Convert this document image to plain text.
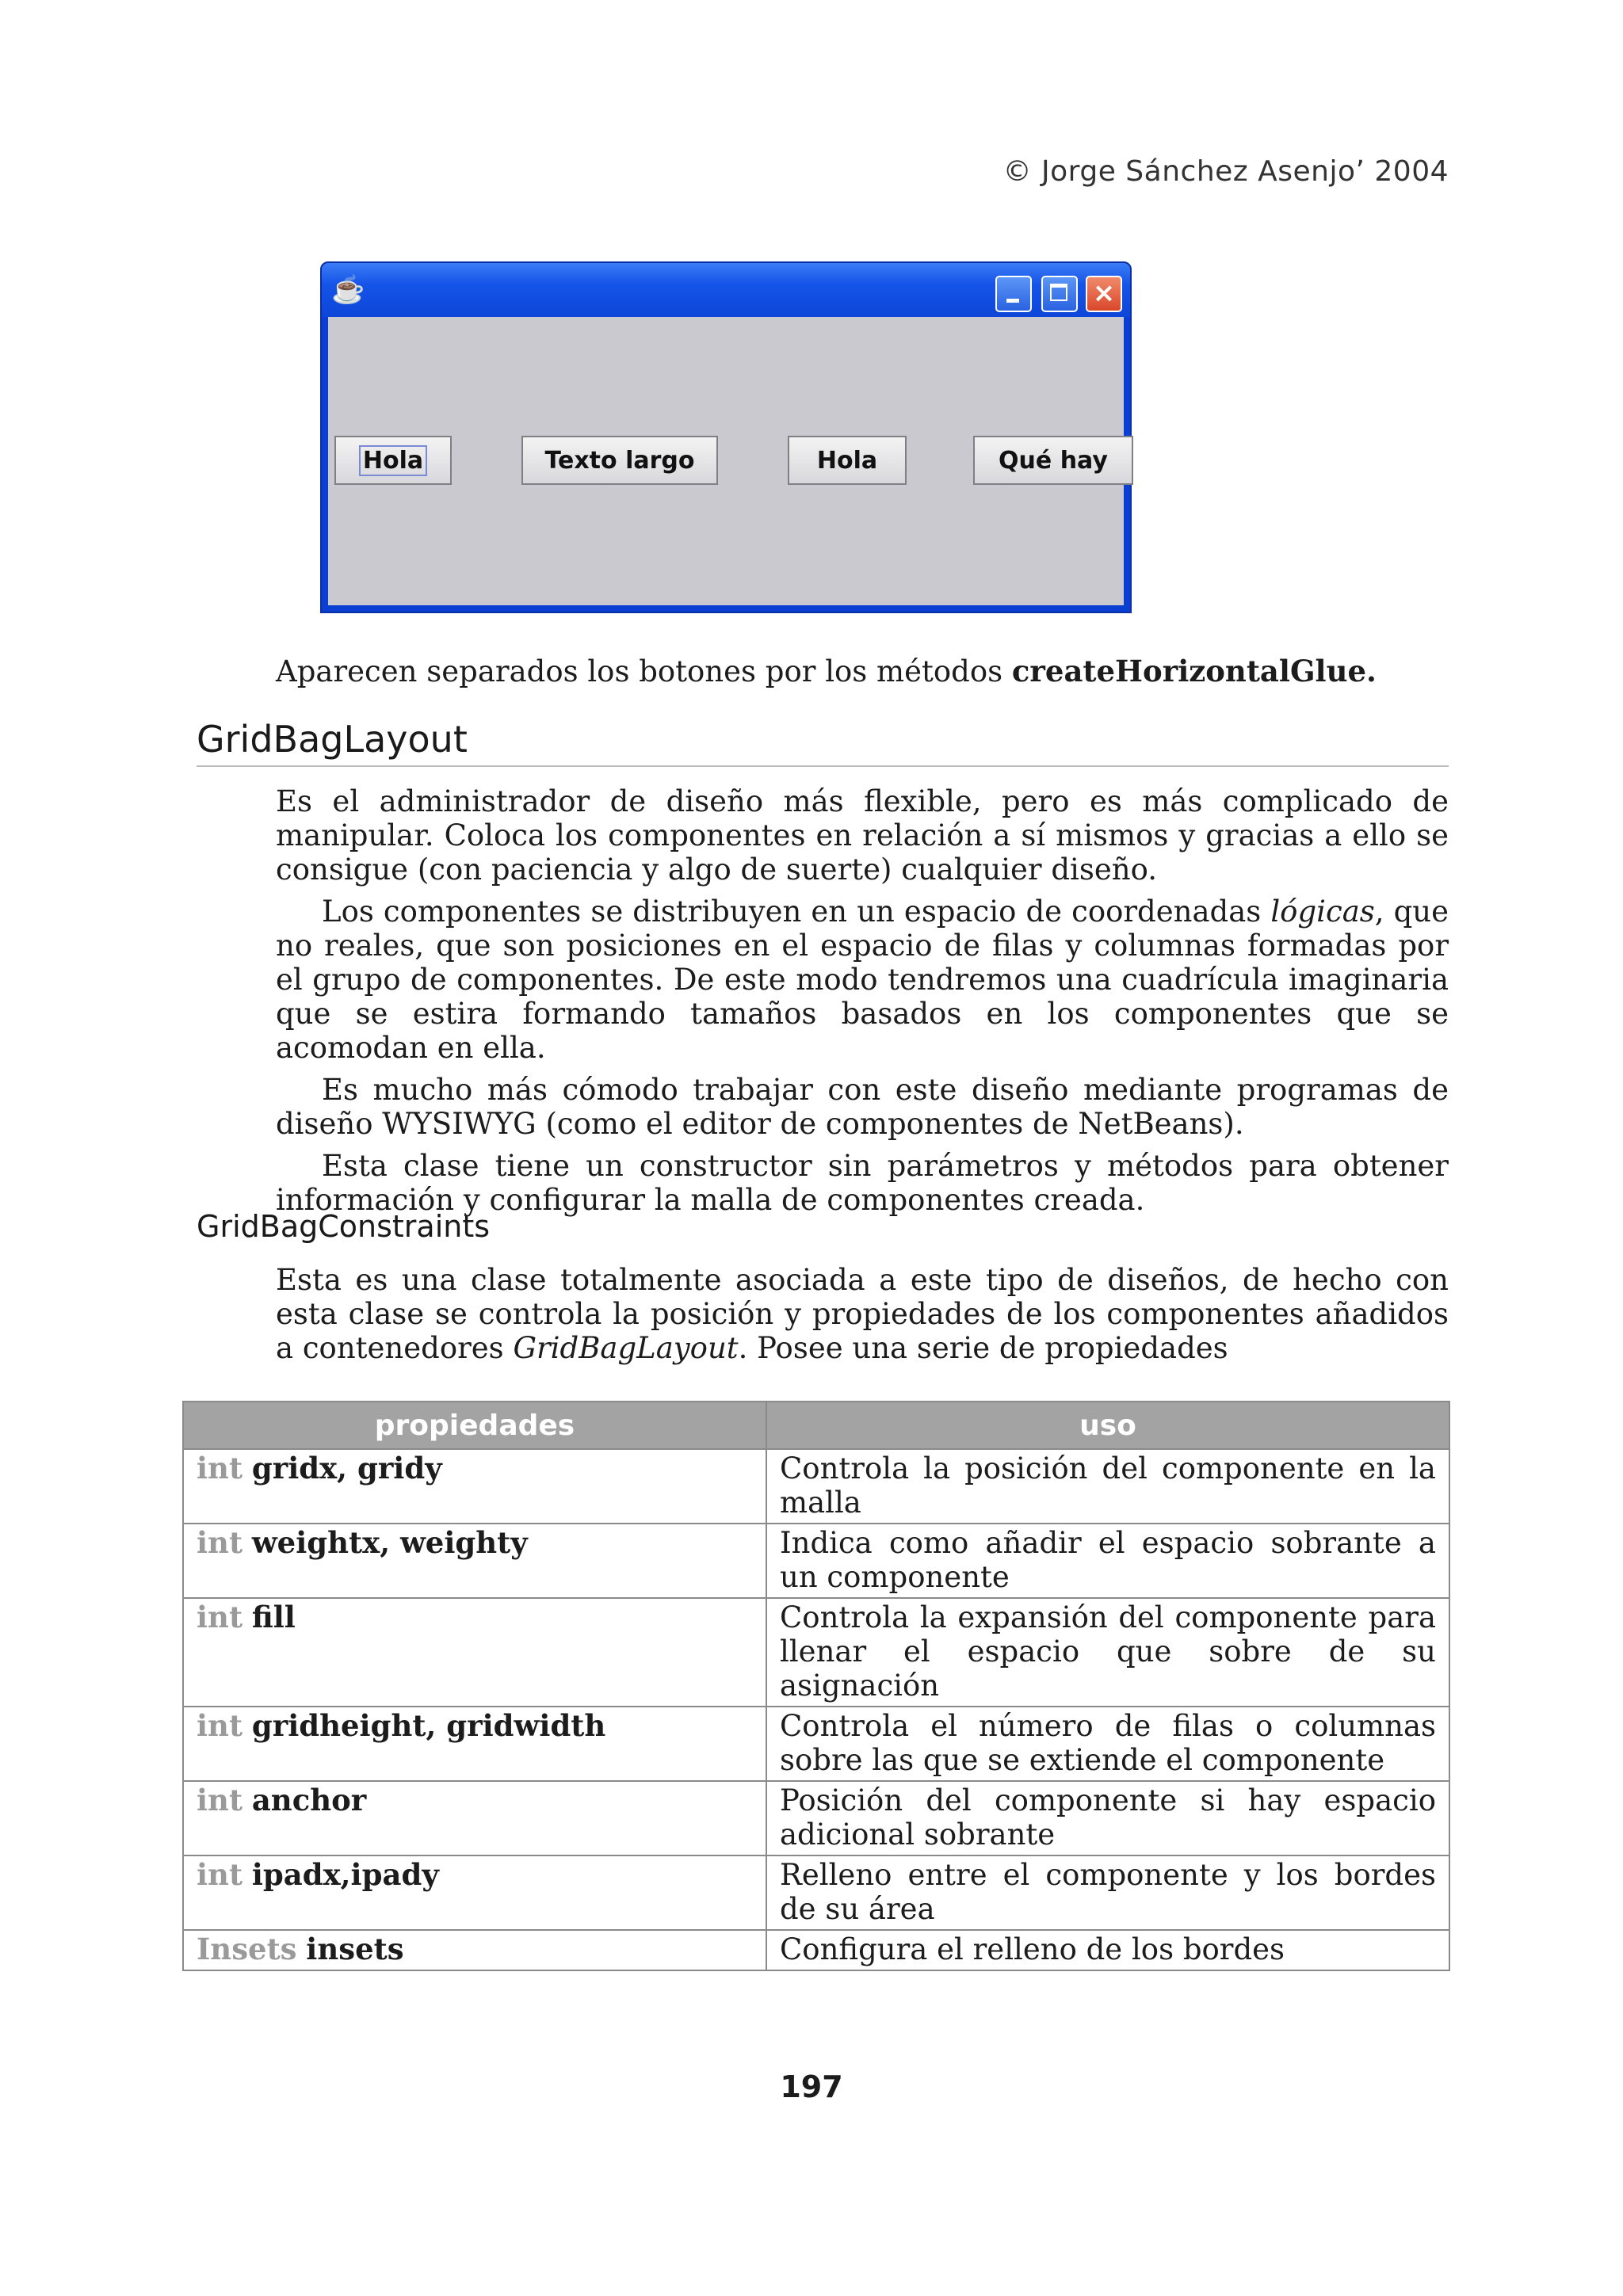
© Jorge Sánchez Asenjo’ 2004
☕	×
Hola	Texto largo	Hola	Qué hay

Aparecen separados los botones por los métodos createHorizontalGlue.

GridBagLayout

Es el administrador de diseño más flexible, pero es más complicado de manipular. Coloca los componentes en relación a sí mismos y gracias a ello se consigue (con paciencia y algo de suerte) cualquier diseño.

Los componentes se distribuyen en un espacio de coordenadas lógicas, que no reales, que son posiciones en el espacio de filas y columnas formadas por el grupo de componentes. De este modo tendremos una cuadrícula imaginaria que se estira formando tamaños basados en los componentes que se acomodan en ella.

Es mucho más cómodo trabajar con este diseño mediante programas de diseño WYSIWYG (como el editor de componentes de NetBeans).

Esta clase tiene un constructor sin parámetros y métodos para obtener información y configurar la malla de componentes creada.

GridBagConstraints

Esta es una clase totalmente asociada a este tipo de diseños, de hecho con esta clase se controla la posición y propiedades de los componentes añadidos a contenedores GridBagLayout. Posee una serie de propiedades

propiedades	uso
int gridx, gridy	Controla la posición del componente en la malla
int weightx, weighty	Indica como añadir el espacio sobrante a un componente
int fill	Controla la expansión del componente para llenar el espacio que sobre de su asignación
int gridheight, gridwidth	Controla el número de filas o columnas sobre las que se extiende el componente
int anchor	Posición del componente si hay espacio adicional sobrante
int ipadx,ipady	Relleno entre el componente y los bordes de su área
Insets insets	Configura el relleno de los bordes
197
